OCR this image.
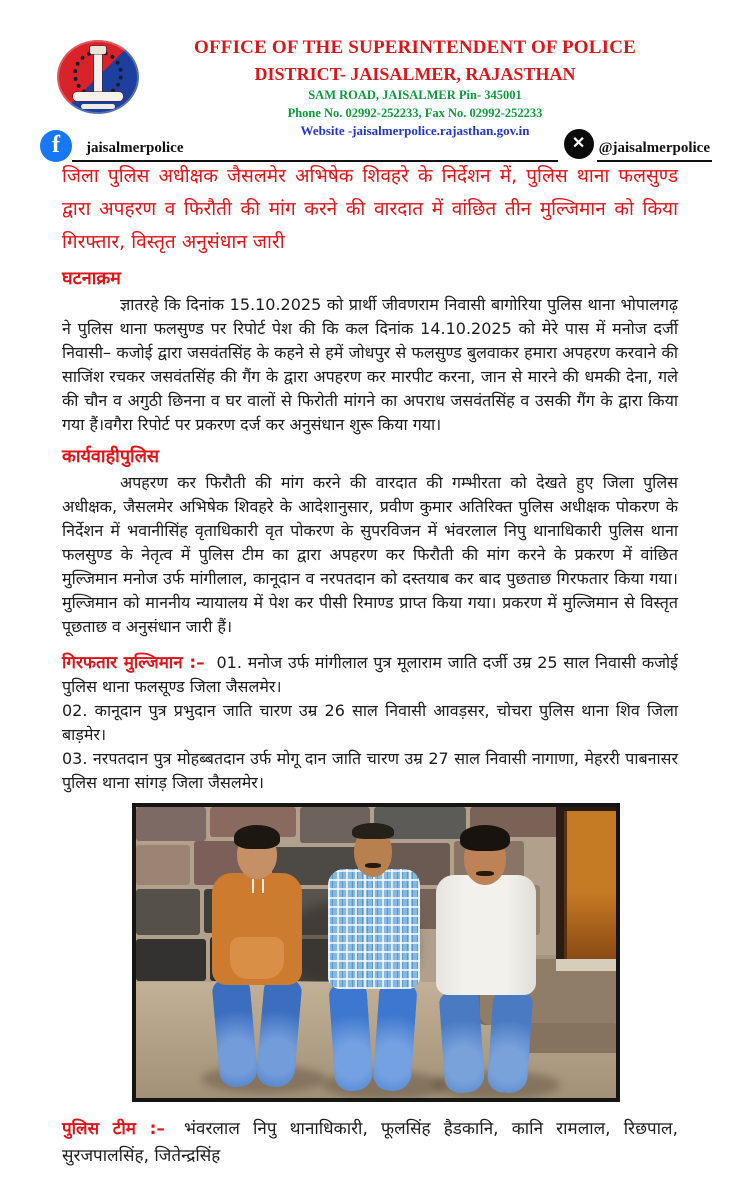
OFFICE OF THE SUPERINTENDENT OF POLICE
DISTRICT- JAISALMER, RAJASTHAN
SAM ROAD, JAISALMER Pin- 345001
Phone No. 02992-252233, Fax No. 02992-252233
Website -jaisalmerpolice.rajasthan.gov.in
f	jaisalmerpolice	✕ @jaisalmerpolice

जिला पुलिस अधीक्षक जैसलमेर अभिषेक शिवहरे के निर्देशन में, पुलिस थाना फलसुण्ड द्वारा अपहरण व फिरौती की मांग करने की वारदात में वांछित तीन मुल्जिमान को किया गिरफ्तार, विस्तृत अनुसंधान जारी

घटनाक्रम

ज्ञातरहे कि दिनांक 15.10.2025 को प्रार्थी जीवणराम निवासी बागोरिया पुलिस थाना भोपालगढ़ ने पुलिस थाना फलसुण्ड पर रिपोर्ट पेश की कि कल दिनांक 14.10.2025 को मेरे पास में मनोज दर्जी निवासी– कजोई द्वारा जसवंतसिंह के कहने से हमें जोधपुर से फलसुण्ड बुलवाकर हमारा अपहरण करवाने की साजिंश रचकर जसवंतसिंह की गैंग के द्वारा अपहरण कर मारपीट करना, जान से मारने की धमकी देना, गले की चौन व अगुठी छिनना व घर वालों से फिरोती मांगने का अपराध जसवंतसिंह व उसकी गैंग के द्वारा किया गया हैं।वगैरा रिपोर्ट पर प्रकरण दर्ज कर अनुसंधान शुरू किया गया।

कार्यवाहीपुलिस

अपहरण कर फिरौती की मांग करने की वारदात की गम्भीरता को देखते हुए जिला पुलिस अधीक्षक, जैसलमेर अभिषेक शिवहरे के आदेशानुसार, प्रवीण कुमार अतिरिक्त पुलिस अधीक्षक पोकरण के निर्देशन में भवानीसिंह वृताधिकारी वृत पोकरण के सुपरविजन में भंवरलाल निपु थानाधिकारी पुलिस थाना फलसुण्ड के नेतृत्व में पुलिस टीम का द्वारा अपहरण कर फिरौती की मांग करने के प्रकरण में वांछित मुल्जिमान मनोज उर्फ मांगीलाल, कानूदान व नरपतदान को दस्तयाब कर बाद पुछताछ गिरफतार किया गया। मुल्जिमान को माननीय न्यायालय में पेश कर पीसी रिमाण्ड प्राप्त किया गया। प्रकरण में मुल्जिमान से विस्तृत पूछताछ व अनुसंधान जारी हैं।

गिरफतार मुल्जिमान :– 01. मनोज उर्फ मांगीलाल पुत्र मूलाराम जाति दर्जी उम्र 25 साल निवासी कजोई पुलिस थाना फलसूण्ड जिला जैसलमेर।

02. कानूदान पुत्र प्रभुदान जाति चारण उम्र 26 साल निवासी आवड़सर, चोचरा पुलिस थाना शिव जिला बाड़मेर।

03. नरपतदान पुत्र मोहब्बतदान उर्फ मोगू दान जाति चारण उम्र 27 साल निवासी नागाणा, मेहररी पाबनासर पुलिस थाना सांगड़ जिला जैसलमेर।

पुलिस टीम :– भंवरलाल निपु थानाधिकारी, फूलसिंह हैडकानि, कानि रामलाल, रिछपाल, सुरजपालसिंह, जितेन्द्रसिंह
